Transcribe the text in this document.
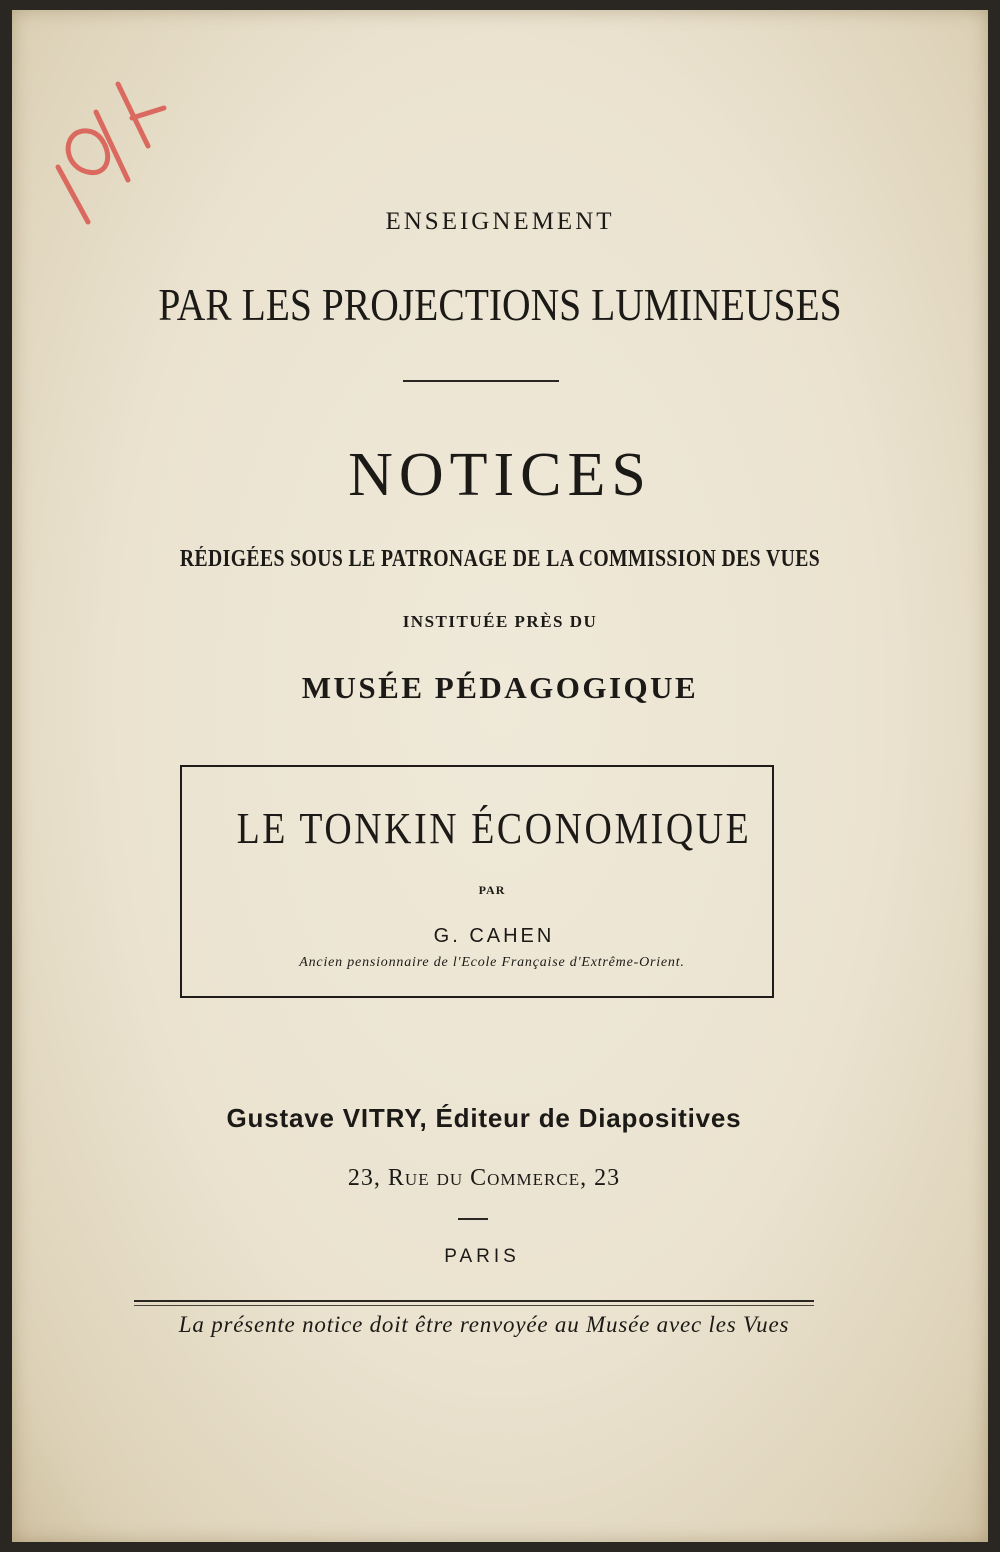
ENSEIGNEMENT
PAR LES PROJECTIONS LUMINEUSES
NOTICES
RÉDIGÉES SOUS LE PATRONAGE DE LA COMMISSION DES VUES
INSTITUÉE PRÈS DU
MUSÉE PÉDAGOGIQUE
LE TONKIN ÉCONOMIQUE
PAR
G. CAHEN
Ancien pensionnaire de l'Ecole Française d'Extrême-Orient.
Gustave VITRY, Éditeur de Diapositives
23, Rue du Commerce, 23
PARIS
La présente notice doit être renvoyée au Musée avec les Vues
